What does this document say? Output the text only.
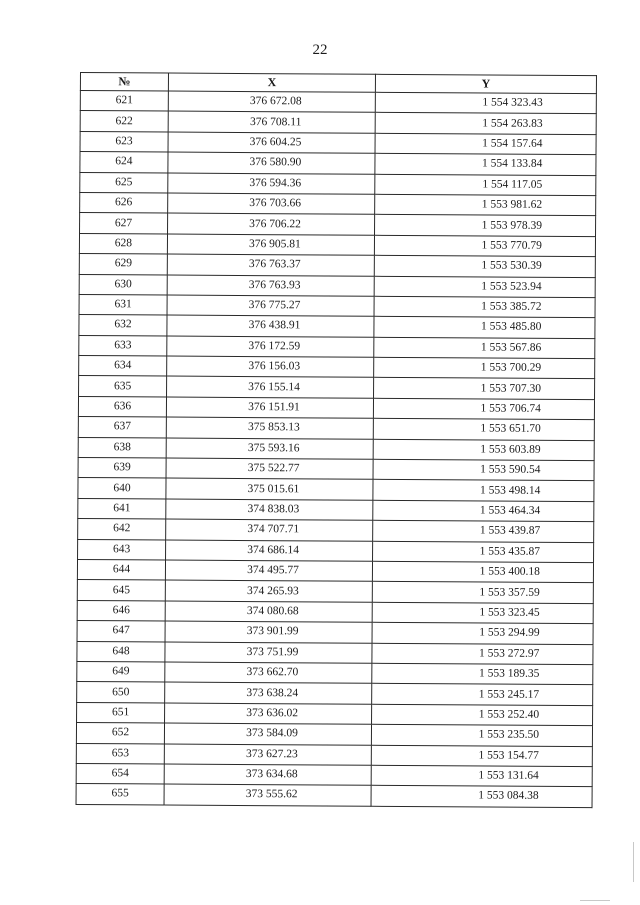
22
№	X	Y
621	376 672.08	1 554 323.43
622	376 708.11	1 554 263.83
623	376 604.25	1 554 157.64
624	376 580.90	1 554 133.84
625	376 594.36	1 554 117.05
626	376 703.66	1 553 981.62
627	376 706.22	1 553 978.39
628	376 905.81	1 553 770.79
629	376 763.37	1 553 530.39
630	376 763.93	1 553 523.94
631	376 775.27	1 553 385.72
632	376 438.91	1 553 485.80
633	376 172.59	1 553 567.86
634	376 156.03	1 553 700.29
635	376 155.14	1 553 707.30
636	376 151.91	1 553 706.74
637	375 853.13	1 553 651.70
638	375 593.16	1 553 603.89
639	375 522.77	1 553 590.54
640	375 015.61	1 553 498.14
641	374 838.03	1 553 464.34
642	374 707.71	1 553 439.87
643	374 686.14	1 553 435.87
644	374 495.77	1 553 400.18
645	374 265.93	1 553 357.59
646	374 080.68	1 553 323.45
647	373 901.99	1 553 294.99
648	373 751.99	1 553 272.97
649	373 662.70	1 553 189.35
650	373 638.24	1 553 245.17
651	373 636.02	1 553 252.40
652	373 584.09	1 553 235.50
653	373 627.23	1 553 154.77
654	373 634.68	1 553 131.64
655	373 555.62	1 553 084.38
